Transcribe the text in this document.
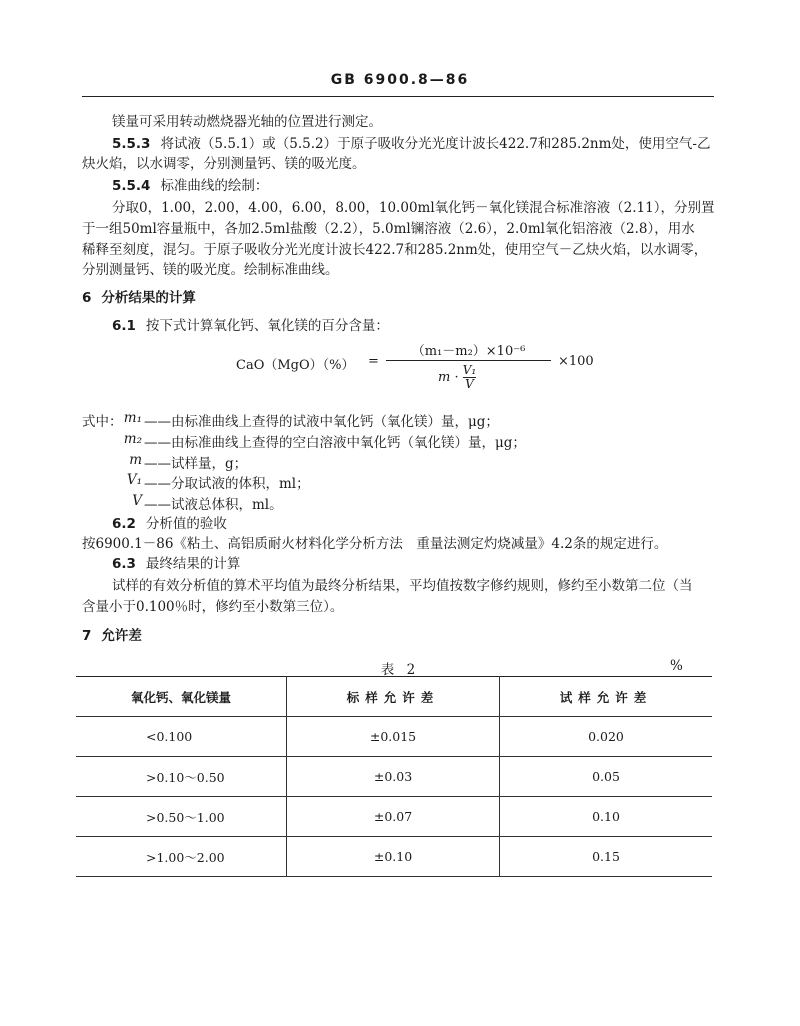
GB 6900.8—86
镁量可采用转动燃烧器光轴的位置进行测定。
5.5.3 将试液（5.5.1）或（5.5.2）于原子吸收分光光度计波长422.7和285.2nm处，使用空气-乙
炔火焰，以水调零，分别测量钙、镁的吸光度。
5.5.4 标准曲线的绘制：
分取0，1.00，2.00，4.00，6.00，8.00，10.00ml氧化钙－氧化镁混合标准溶液（2.11），分别置
于一组50ml容量瓶中，各加2.5ml盐酸（2.2），5.0ml镧溶液（2.6），2.0ml氧化铝溶液（2.8），用水
稀释至刻度，混匀。于原子吸收分光光度计波长422.7和285.2nm处，使用空气－乙炔火焰，以水调零，
分别测量钙、镁的吸光度。绘制标准曲线。
6 分析结果的计算
6.1 按下式计算氧化钙、氧化镁的百分含量：
CaO（MgO）（%） =
（m₁－m₂）×10⁻⁶
$m \cdot \frac{\text{V₁}}{V}$
×100
式中： m₁ ——由标准曲线上查得的试液中氧化钙（氧化镁）量，μg；
m₂ ——由标准曲线上查得的空白溶液中氧化钙（氧化镁）量，μg；
m ——试样量，g；
V₁ ——分取试液的体积，ml；
V ——试液总体积，ml。
6.2 分析值的验收
按6900.1－86《粘土、高铝质耐火材料化学分析方法　重量法测定灼烧减量》4.2条的规定进行。
6.3 最终结果的计算
试样的有效分析值的算术平均值为最终分析结果，平均值按数字修约规则，修约至小数第二位（当
含量小于0.100％时，修约至小数第三位）。
7 允许差
表 2	%
氧化钙、氧化镁量	标样允许差	试样允许差
<0.100	±0.015	0.020
>0.10～0.50	±0.03	0.05
>0.50～1.00	±0.07	0.10
>1.00～2.00	±0.10	0.15
